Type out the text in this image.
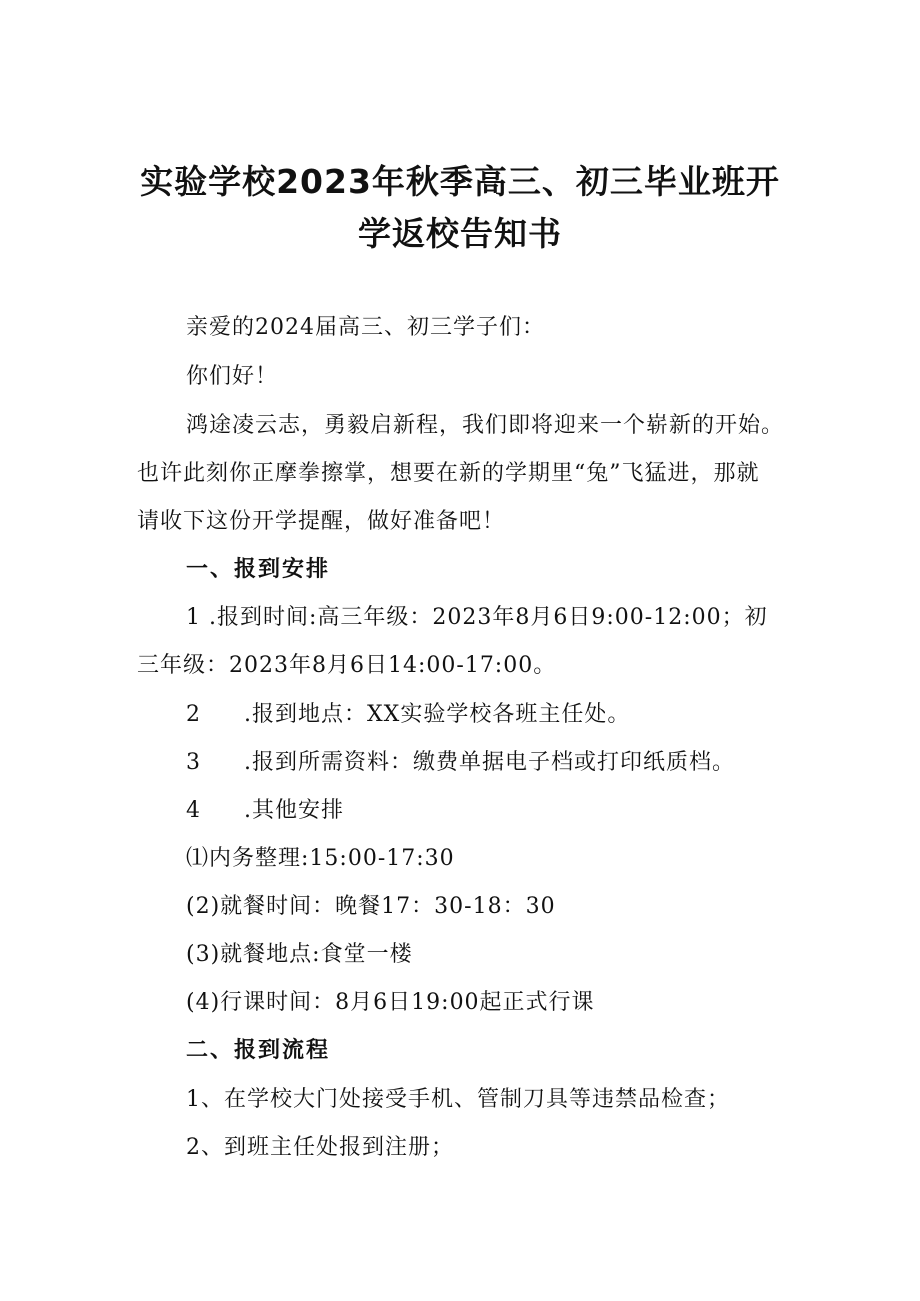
实验学校2023年秋季高三、初三毕业班开
学返校告知书
亲爱的2024届高三、初三学子们：
你们好！
鸿途凌云志，勇毅启新程，我们即将迎来一个崭新的开始。
也许此刻你正摩拳擦掌，想要在新的学期里“兔”飞猛进，那就
请收下这份开学提醒，做好准备吧！
一、报到安排
1 .报到时间:高三年级：2023年8月6日9:00-12:00；初
三年级：2023年8月6日14:00-17:00。
2 .报到地点：XX实验学校各班主任处。
3 .报到所需资料：缴费单据电子档或打印纸质档。
4 .其他安排
⑴内务整理:15:00-17:30
(2)就餐时间：晚餐17：30-18：30
(3)就餐地点:食堂一楼
(4)行课时间：8月6日19:00起正式行课
二、报到流程
1、在学校大门处接受手机、管制刀具等违禁品检查；
2、到班主任处报到注册；
